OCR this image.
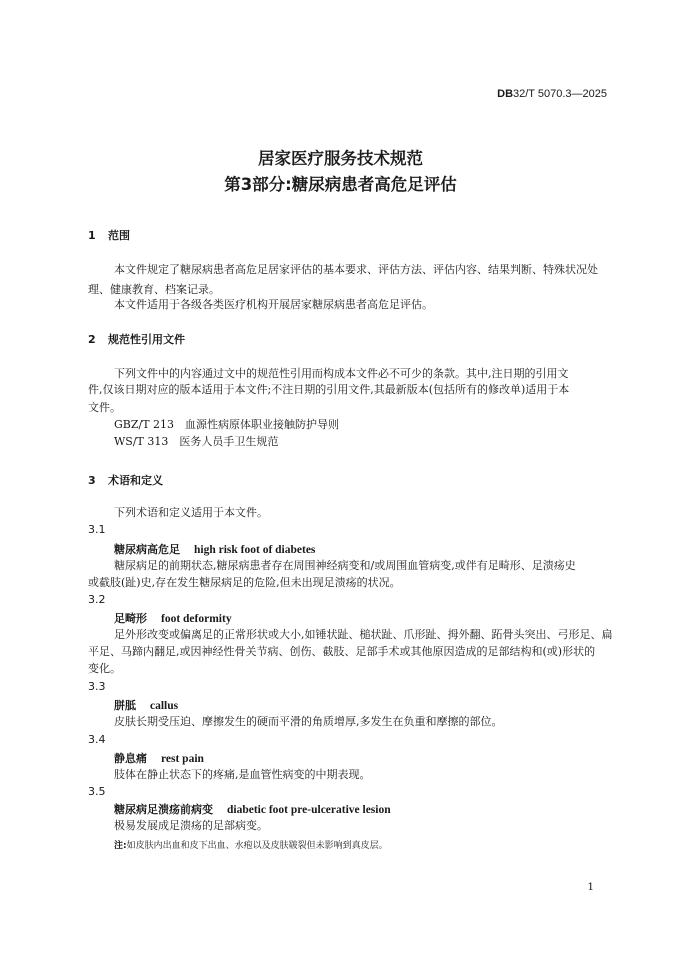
DB32/T 5070.3—2025
居家医疗服务技术规范
第3部分:糖尿病患者高危足评估
1 范围
本文件规定了糖尿病患者高危足居家评估的基本要求、评估方法、评估内容、结果判断、特殊状况处
理、健康教育、档案记录。
本文件适用于各级各类医疗机构开展居家糖尿病患者高危足评估。
2 规范性引用文件
下列文件中的内容通过文中的规范性引用而构成本文件必不可少的条款。其中,注日期的引用文
件,仅该日期对应的版本适用于本文件;不注日期的引用文件,其最新版本(包括所有的修改单)适用于本
文件。
GBZ/T 213　血源性病原体职业接触防护导则
WS/T 313　医务人员手卫生规范
3 术语和定义
下列术语和定义适用于本文件。
3.1
糖尿病高危足 high risk foot of diabetes
糖尿病足的前期状态,糖尿病患者存在周围神经病变和/或周围血管病变,或伴有足畸形、足溃疡史
或截肢(趾)史,存在发生糖尿病足的危险,但未出现足溃疡的状况。
3.2
足畸形 foot deformity
足外形改变或偏离足的正常形状或大小,如锤状趾、槌状趾、爪形趾、拇外翻、跖骨头突出、弓形足、扁
平足、马蹄内翻足,或因神经性骨关节病、创伤、截肢、足部手术或其他原因造成的足部结构和(或)形状的
变化。
3.3
胼胝 callus
皮肤长期受压迫、摩擦发生的硬而平滑的角质增厚,多发生在负重和摩擦的部位。
3.4
静息痛 rest pain
肢体在静止状态下的疼痛,是血管性病变的中期表现。
3.5
糖尿病足溃疡前病变 diabetic foot pre-ulcerative lesion
极易发展成足溃疡的足部病变。
注:如皮肤内出血和皮下出血、水疱以及皮肤皲裂但未影响到真皮层。
1
